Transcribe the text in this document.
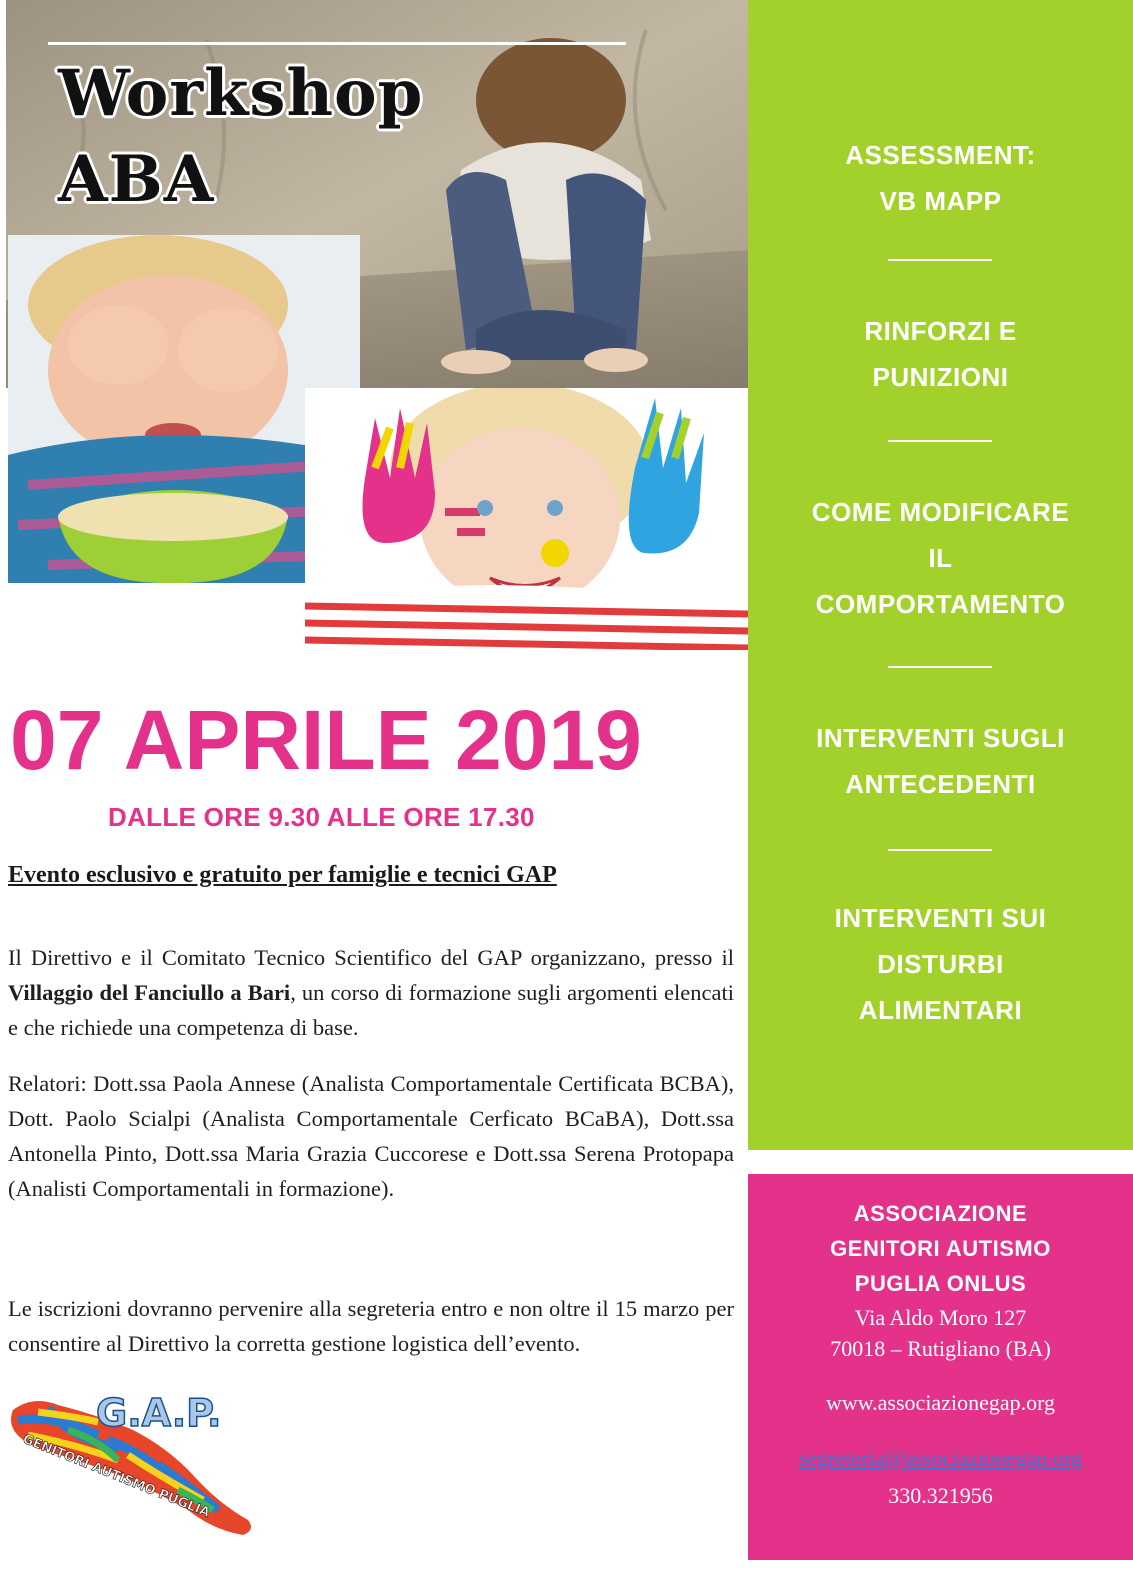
Workshop
ABA	ASSESSMENT:
VB MAPP
RINFORZI E
PUNIZIONI
COME MODIFICARE
IL
COMPORTAMENTO
INTERVENTI SUGLI
ANTECEDENTI
INTERVENTI SUI
DISTURBI
ALIMENTARI
ASSOCIAZIONE
GENITORI AUTISMO
PUGLIA ONLUS
Via Aldo Moro 127
70018 – Rutigliano (BA)
www.associazionegap.org
segreteria@associazionegap.org
330.321956
07 APRILE 2019
DALLE ORE 9.30 ALLE ORE 17.30
Evento esclusivo e gratuito per famiglie e tecnici GAP
Il Direttivo e il Comitato Tecnico Scientifico del GAP organizzano, presso il Villaggio del Fanciullo a Bari, un corso di formazione sugli argomenti elencati e che richiede una competenza di base.
Relatori: Dott.ssa Paola Annese (Analista Comportamentale Certificata BCBA), Dott. Paolo Scialpi (Analista Comportamentale Cerficato BCaBA), Dott.ssa Antonella Pinto, Dott.ssa Maria Grazia Cuccorese e Dott.ssa Serena Protopapa (Analisti Comportamentali in formazione).
Le iscrizioni dovranno pervenire alla segreteria entro e non oltre il 15 marzo per consentire al Direttivo la corretta gestione logistica dell’evento.
G.A.P.
GENITORI AUTISMO PUGLIA
